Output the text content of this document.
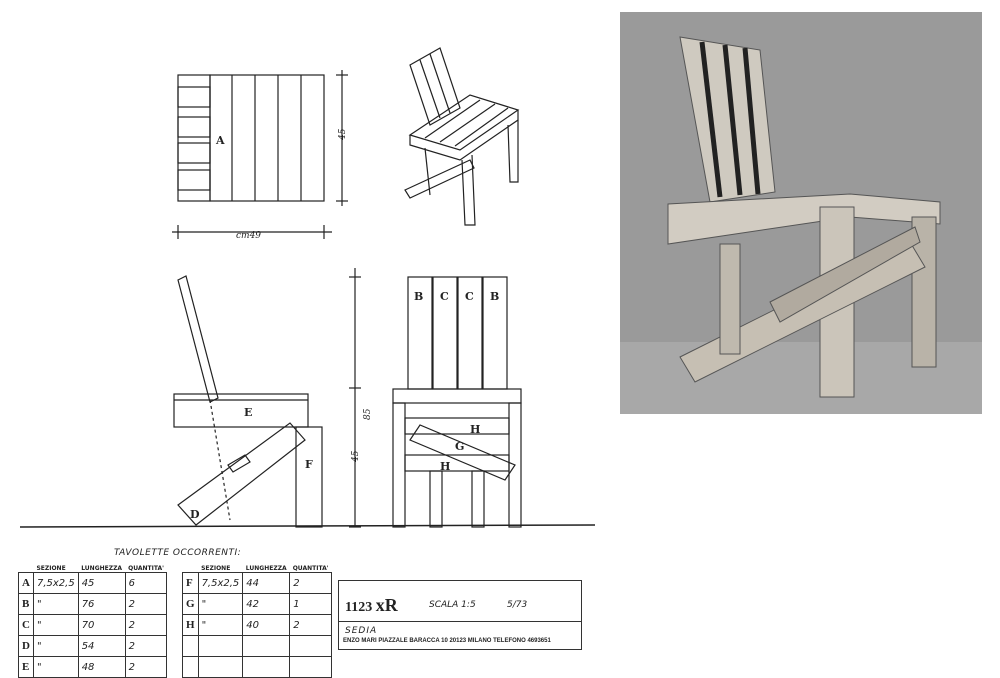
A
B C C B
E
F
D
H
G
H
cm49
45
85
45
TAVOLETTE OCCORRENTI:
	SEZIONE	LUNGHEZZA	QUANTITA'
A	7,5x2,5	45	6
B	"	76	2
C	"	70	2
D	"	54	2
E	"	48	2
	SEZIONE	LUNGHEZZA	QUANTITA'
F	7,5x2,5	44	2
G	"	42	1
H	"	40	2

1123 xR	SCALA 1:5	5/73
SEDIA
ENZO MARI PIAZZALE BARACCA 10 20123 MILANO TELEFONO 4693651
